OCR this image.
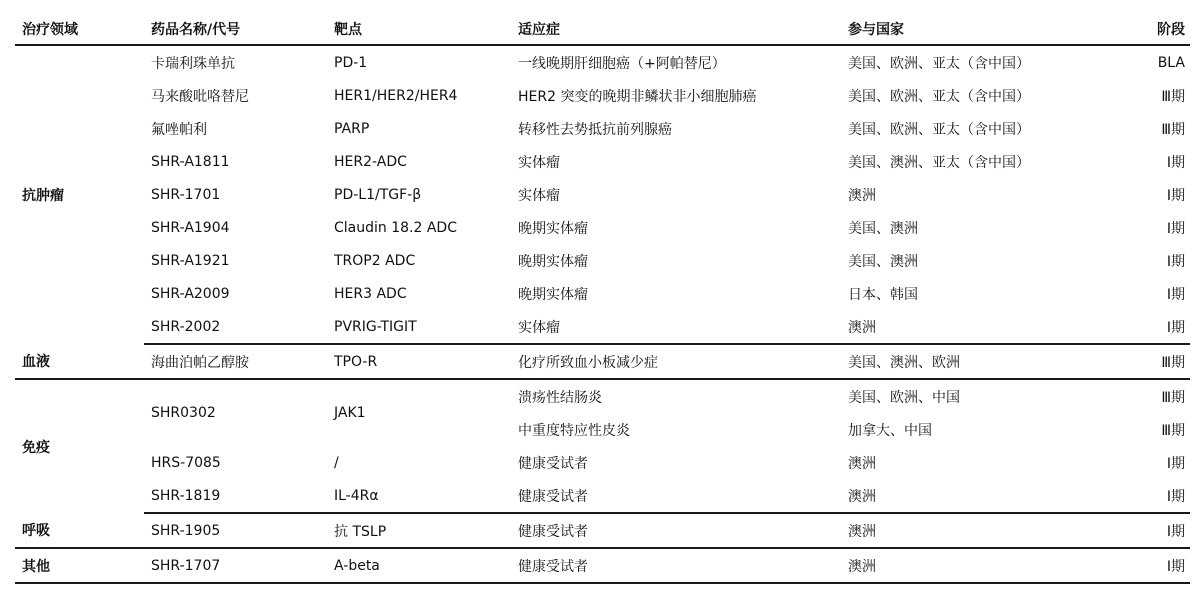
治疗领域	药品名称/代号	靶点	适应症	参与国家	阶段
抗肿瘤	卡瑞利珠单抗	PD-1	一线晚期肝细胞癌（+阿帕替尼）	美国、欧洲、亚太（含中国）	BLA
	马来酸吡咯替尼	HER1/HER2/HER4	HER2 突变的晚期非鳞状非小细胞肺癌	美国、欧洲、亚太（含中国）	Ⅲ期
	氟唑帕利	PARP	转移性去势抵抗前列腺癌	美国、欧洲、亚太（含中国）	Ⅲ期
	SHR-A1811	HER2-ADC	实体瘤	美国、澳洲、亚太（含中国）	Ⅰ期
	SHR-1701	PD-L1/TGF-β	实体瘤	澳洲	Ⅰ期
	SHR-A1904	Claudin 18.2 ADC	晚期实体瘤	美国、澳洲	Ⅰ期
	SHR-A1921	TROP2 ADC	晚期实体瘤	美国、澳洲	Ⅰ期
	SHR-A2009	HER3 ADC	晚期实体瘤	日本、韩国	Ⅰ期
	SHR-2002	PVRIG-TIGIT	实体瘤	澳洲	Ⅰ期
血液	海曲泊帕乙醇胺	TPO-R	化疗所致血小板减少症	美国、澳洲、欧洲	Ⅲ期
免疫	SHR0302	JAK1	溃疡性结肠炎	美国、欧洲、中国	Ⅲ期
			中重度特应性皮炎	加拿大、中国	Ⅲ期
	HRS-7085	/	健康受试者	澳洲	Ⅰ期
	SHR-1819	IL-4Rα	健康受试者	澳洲	Ⅰ期
呼吸	SHR-1905	抗 TSLP	健康受试者	澳洲	Ⅰ期
其他	SHR-1707	A-beta	健康受试者	澳洲	Ⅰ期
